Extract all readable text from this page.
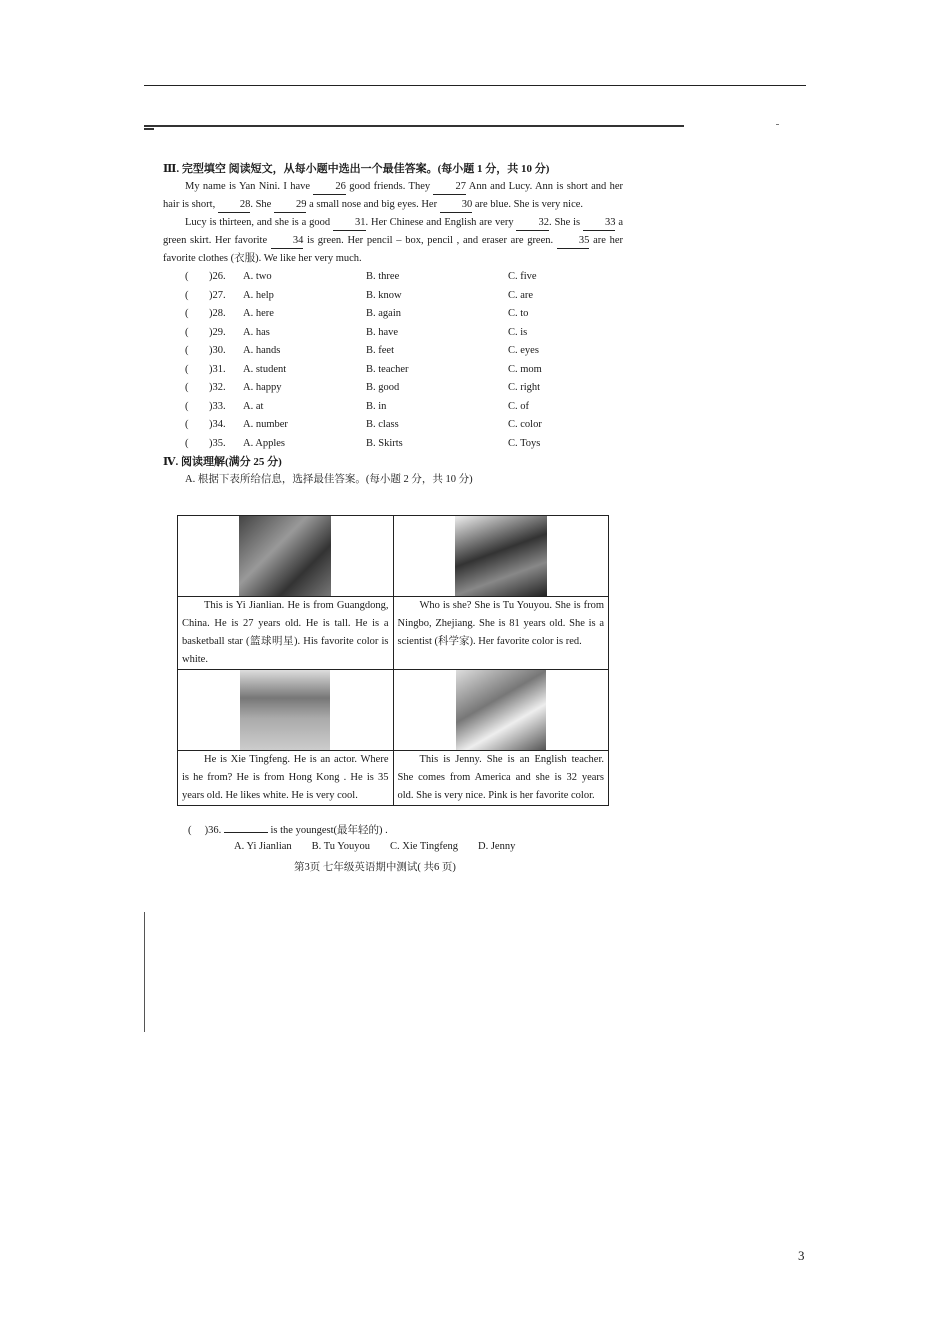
Ⅲ. 完型填空 阅读短文，从每小题中选出一个最佳答案。(每小题 1 分，共 10 分)

My name is Yan Nini. I have 26 good friends. They 27 Ann and Lucy. Ann is short and her hair is short, 28. She 29 a small nose and big eyes. Her 30 are blue. She is very nice.

Lucy is thirteen, and she is a good 31. Her Chinese and English are very 32. She is 33 a green skirt. Her favorite 34 is green. Her pencil – box, pencil , and eraser are green. 35 are her favorite clothes (衣服). We like her very much.

( )26. A. two	B. three	C. five
( )27. A. help	B. know	C. are
( )28. A. here	B. again	C. to
( )29. A. has	B. have	C. is
( )30. A. hands	B. feet	C. eyes
( )31. A. student	B. teacher	C. mom
( )32. A. happy	B. good	C. right
( )33. A. at	B. in	C. of
( )34. A. number	B. class	C. color
( )35. A. Apples	B. Skirts	C. Toys
Ⅳ. 阅读理解(满分 25 分)
A. 根据下表所给信息，选择最佳答案。(每小题 2 分，共 10 分)

This is Yi Jianlian. He is from Guangdong, China. He is 27 years old. He is tall. He is a basketball star (篮球明星). His favorite color is white.	Who is she? She is Tu Youyou. She is from Ningbo, Zhejiang. She is 81 years old. She is a scientist (科学家). Her favorite color is red.

He is Xie Tingfeng. He is an actor. Where is he from? He is from Hong Kong . He is 35 years old. He likes white. He is very cool.	This is Jenny. She is an English teacher. She comes from America and she is 32 years old. She is very nice. Pink is her favorite color.
( )36.	is the youngest(最年轻的) .
A. Yi Jianlian B. Tu Youyou C. Xie Tingfeng D. Jenny
第3页 七年级英语期中测试( 共6 页)
3
